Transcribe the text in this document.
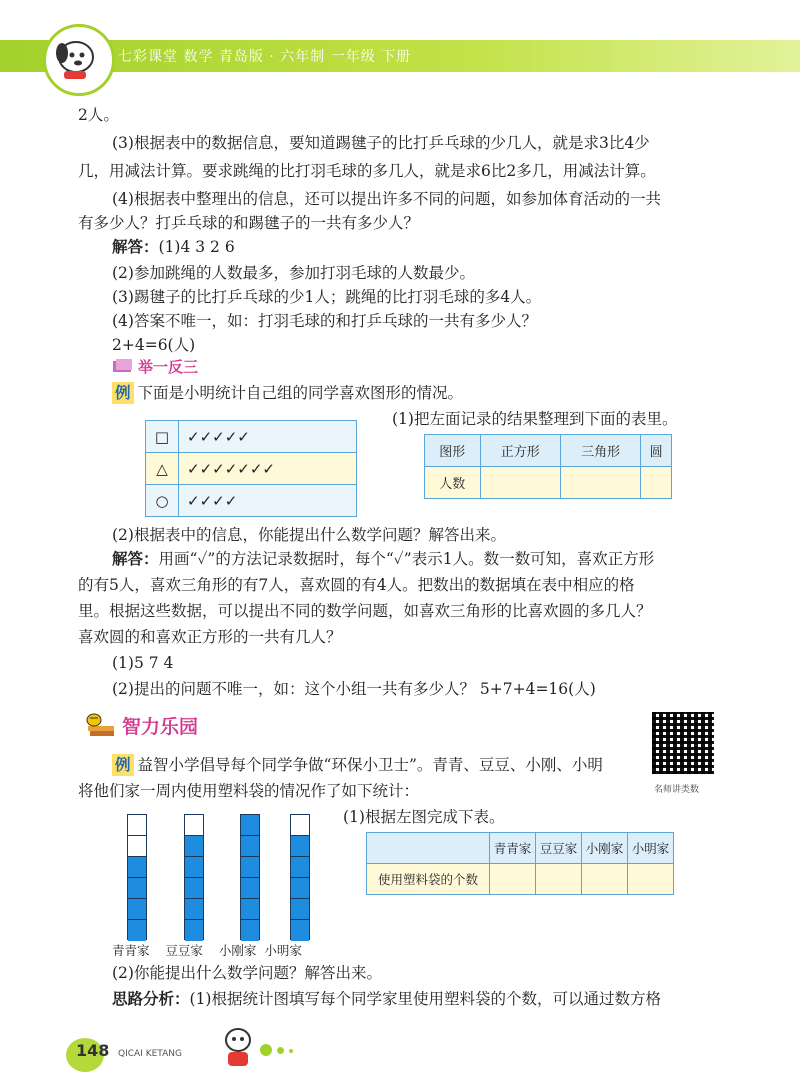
七彩课堂 数学 青岛版 · 六年制 一年级 下册
2人。
(3)根据表中的数据信息，要知道踢毽子的比打乒乓球的少几人，就是求3比4少
几，用减法计算。要求跳绳的比打羽毛球的多几人，就是求6比2多几，用减法计算。
(4)根据表中整理出的信息，还可以提出许多不同的问题，如参加体育活动的一共
有多少人？打乒乓球的和踢毽子的一共有多少人？
解答：(1)4 3 2 6
(2)参加跳绳的人数最多，参加打羽毛球的人数最少。
(3)踢毽子的比打乒乓球的少1人；跳绳的比打羽毛球的多4人。
(4)答案不唯一，如：打羽毛球的和打乒乓球的一共有多少人？
2+4=6(人)
举一反三
例 下面是小明统计自己组的同学喜欢图形的情况。
(1)把左面记录的结果整理到下面的表里。
□	✓✓✓✓✓
△	✓✓✓✓✓✓✓
○	✓✓✓✓
图形	正方形	三角形	圆
人数			
(2)根据表中的信息，你能提出什么数学问题？解答出来。
解答：用画“✓”的方法记录数据时，每个“✓”表示1人。数一数可知，喜欢正方形
的有5人，喜欢三角形的有7人，喜欢圆的有4人。把数出的数据填在表中相应的格
里。根据这些数据，可以提出不同的数学问题，如喜欢三角形的比喜欢圆的多几人？
喜欢圆的和喜欢正方形的一共有几人？
(1)5 7 4
(2)提出的问题不唯一，如：这个小组一共有多少人？ 5+7+4=16(人)
智力乐园
名师讲类数
例 益智小学倡导每个同学争做“环保小卫士”。青青、豆豆、小刚、小明
将他们家一周内使用塑料袋的情况作了如下统计：
(1)根据左图完成下表。
青青家 豆豆家 小刚家 小明家
	青青家	豆豆家	小刚家	小明家
使用塑料袋的个数				
(2)你能提出什么数学问题？解答出来。
思路分析：(1)根据统计图填写每个同学家里使用塑料袋的个数，可以通过数方格
148 QICAI KETANG
